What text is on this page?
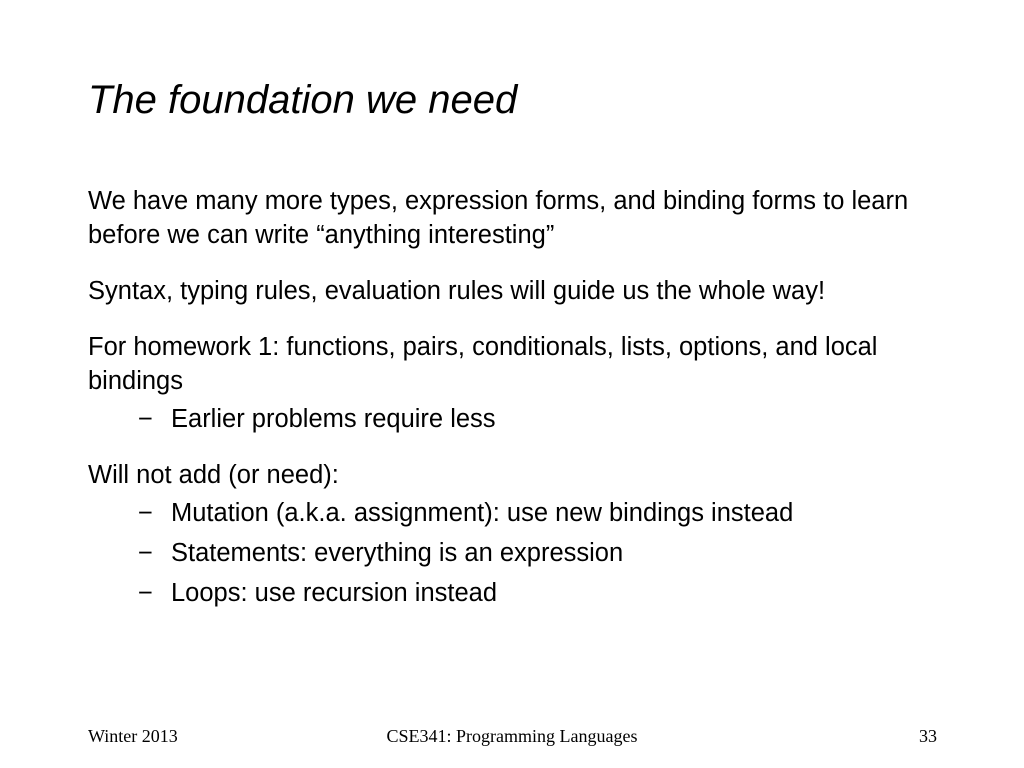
The foundation we need

We have many more types, expression forms, and binding forms to learn before we can write “anything interesting”

Syntax, typing rules, evaluation rules will guide us the whole way!

For homework 1: functions, pairs, conditionals, lists, options, and local bindings

− Earlier problems require less

Will not add (or need):

− Mutation (a.k.a. assignment): use new bindings instead
− Statements: everything is an expression
− Loops: use recursion instead
Winter 2013	CSE341: Programming Languages	33
